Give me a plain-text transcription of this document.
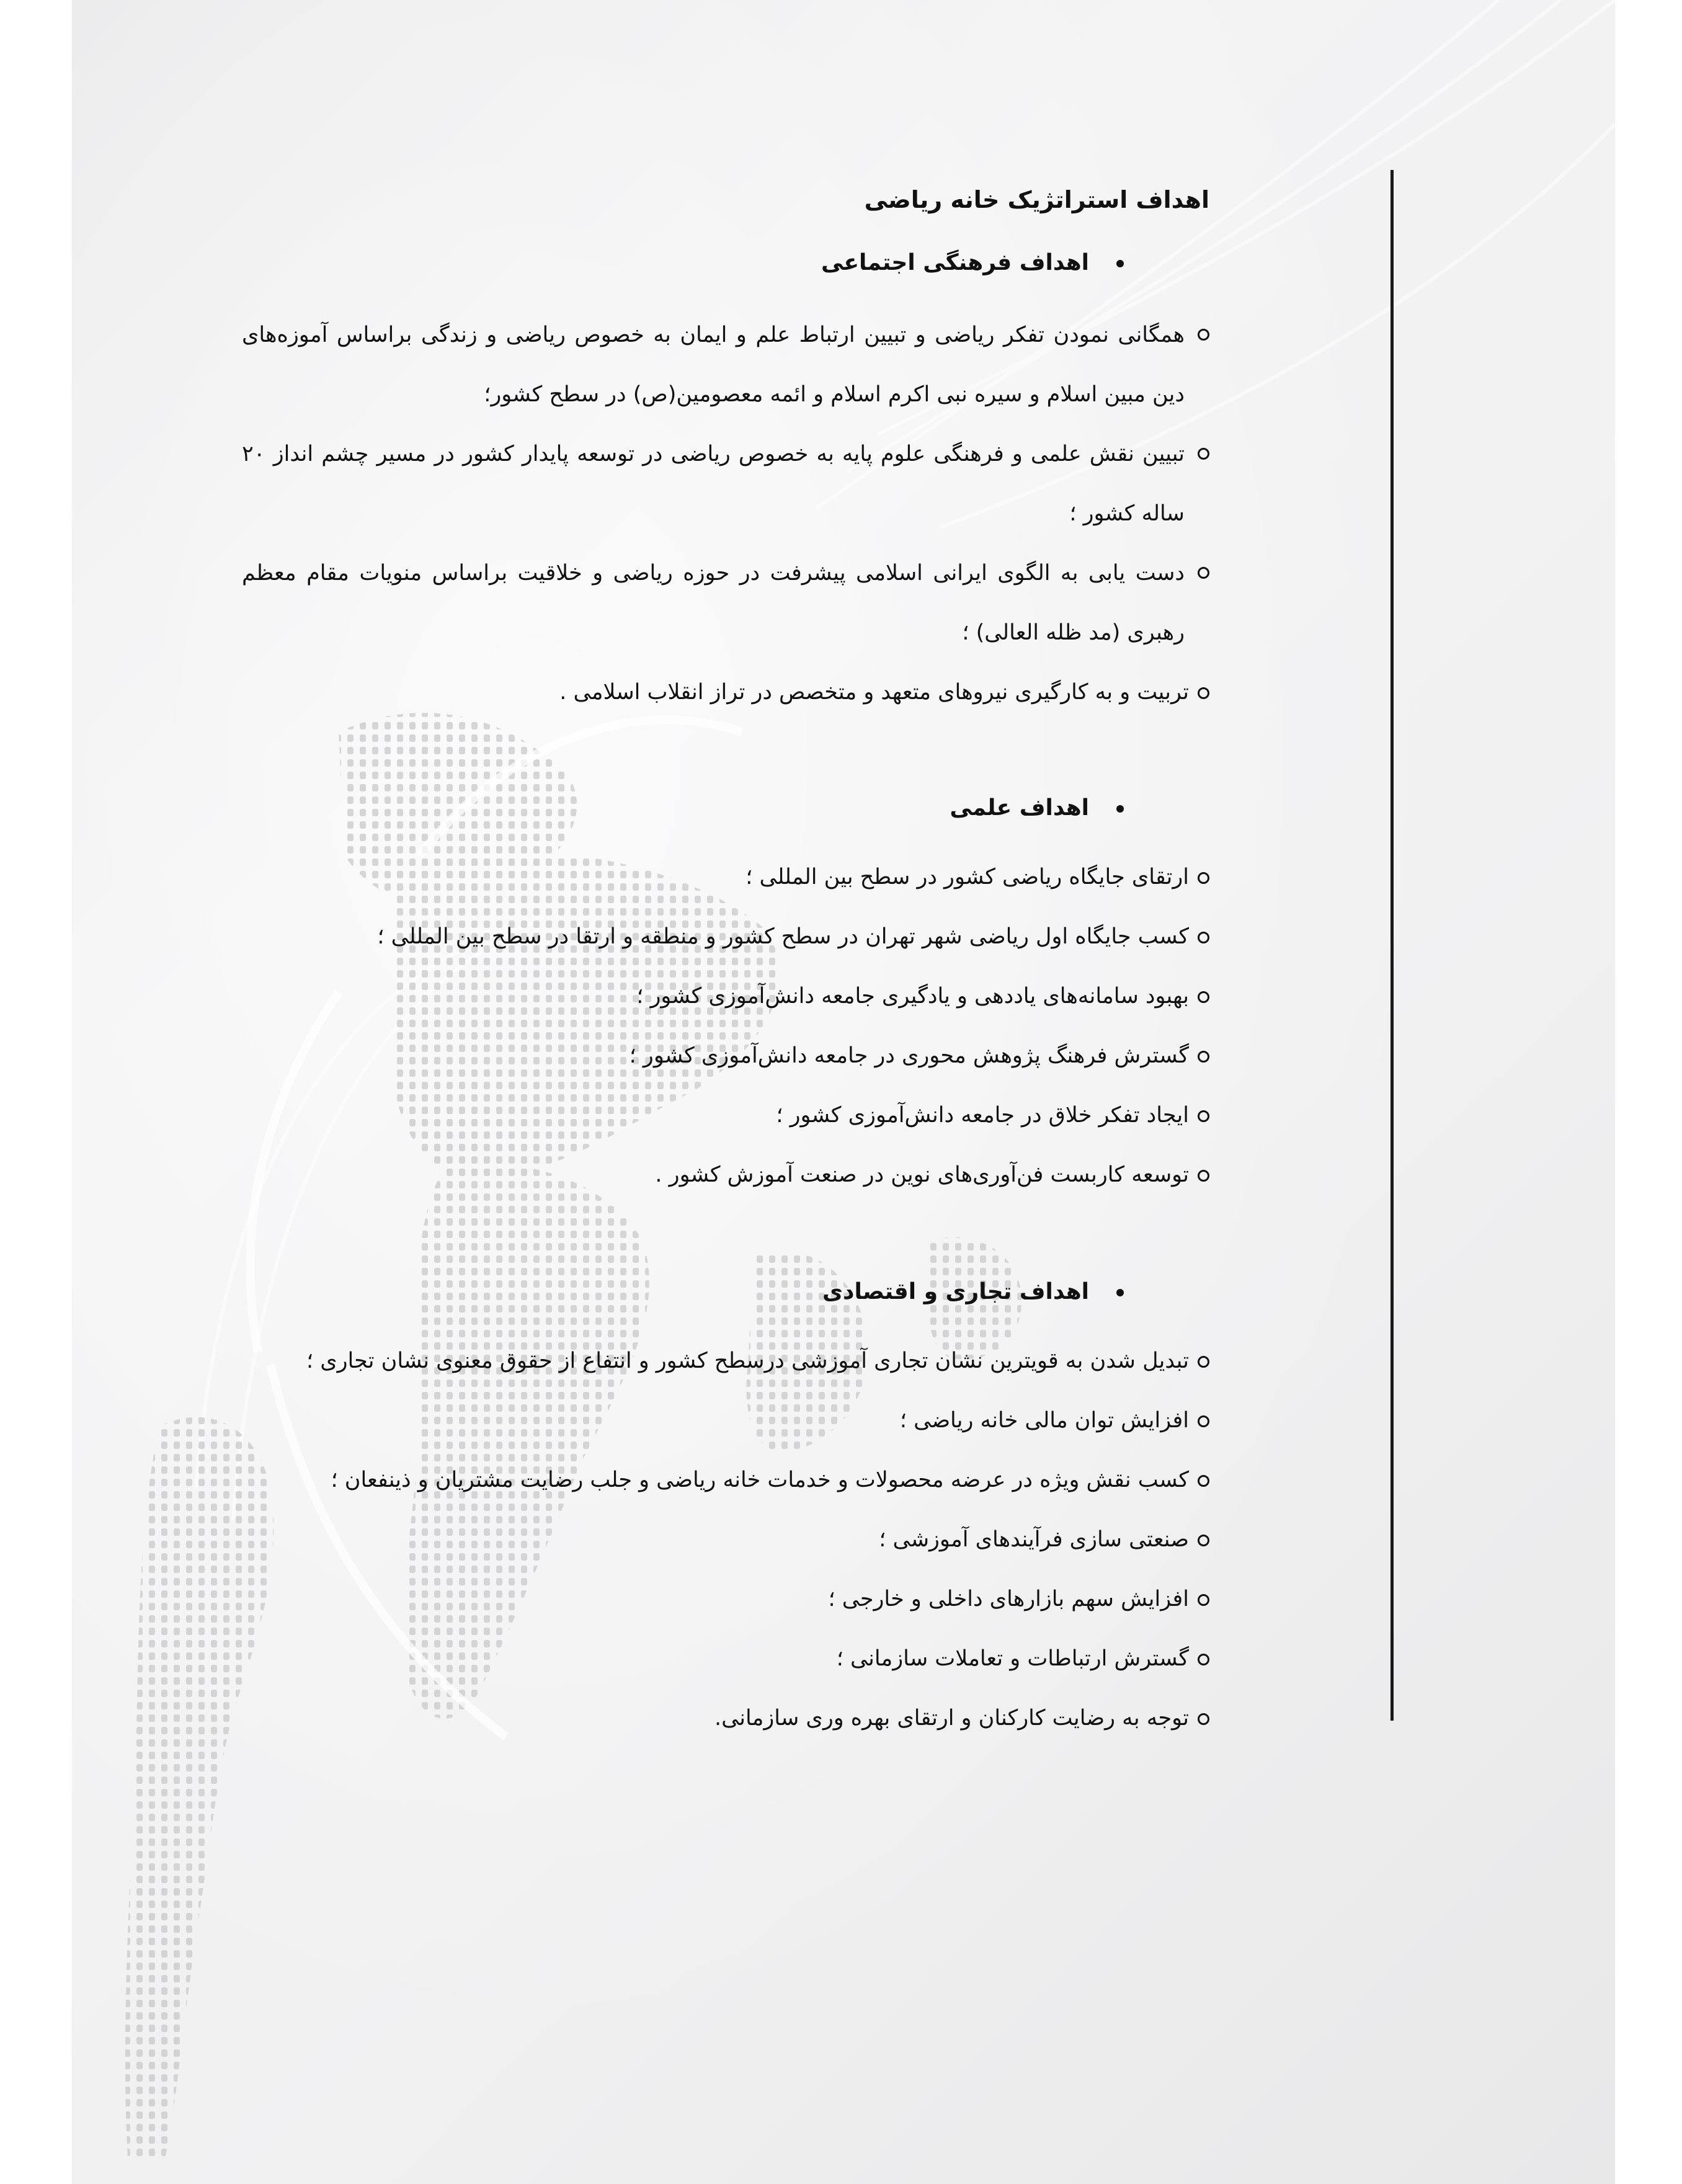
اهداف استراتژیک خانه ریاضی
اهداف فرهنگی اجتماعی
همگانی نمودن تفکر ریاضی و تبیین ارتباط علم و ایمان به خصوص ریاضی و زندگی براساس آموزه‌های دین مبین اسلام و سیره نبی اکرم اسلام و ائمه معصومین(ص) در سطح کشور؛
تبیین نقش علمی و فرهنگی علوم پایه به خصوص ریاضی در توسعه پایدار کشور در مسیر چشم انداز ۲۰ ساله کشور ؛
دست یابی به الگوی ایرانی اسلامی پیشرفت در حوزه ریاضی و خلاقیت براساس منویات مقام معظم رهبری (مد ظله العالی) ؛
تربیت و به کارگیری نیروهای متعهد و متخصص در تراز انقلاب اسلامی .
اهداف علمی
ارتقای جایگاه ریاضی کشور در سطح بین المللی ؛
کسب جایگاه اول ریاضی شهر تهران در سطح کشور و منطقه و ارتقا در سطح بین المللی ؛
بهبود سامانه‌های یاددهی و یادگیری جامعه دانش‌آموزی کشور ؛
گسترش فرهنگ پژوهش محوری در جامعه دانش‌آموزی کشور ؛
ایجاد تفکر خلاق در جامعه دانش‌آموزی کشور ؛
توسعه کاربست فن‌آوری‌های نوین در صنعت آموزش کشور .
اهداف تجاری و اقتصادی
تبدیل شدن به قویترین نشان تجاری آموزشی درسطح کشور و انتفاع از حقوق معنوی نشان تجاری ؛
افزایش توان مالی خانه ریاضی ؛
کسب نقش ویژه در عرضه محصولات و خدمات خانه ریاضی و جلب رضایت مشتریان و ذینفعان ؛
صنعتی سازی فرآیندهای آموزشی ؛
افزایش سهم بازارهای داخلی و خارجی ؛
گسترش ارتباطات و تعاملات سازمانی ؛
توجه به رضایت کارکنان و ارتقای بهره وری سازمانی.
